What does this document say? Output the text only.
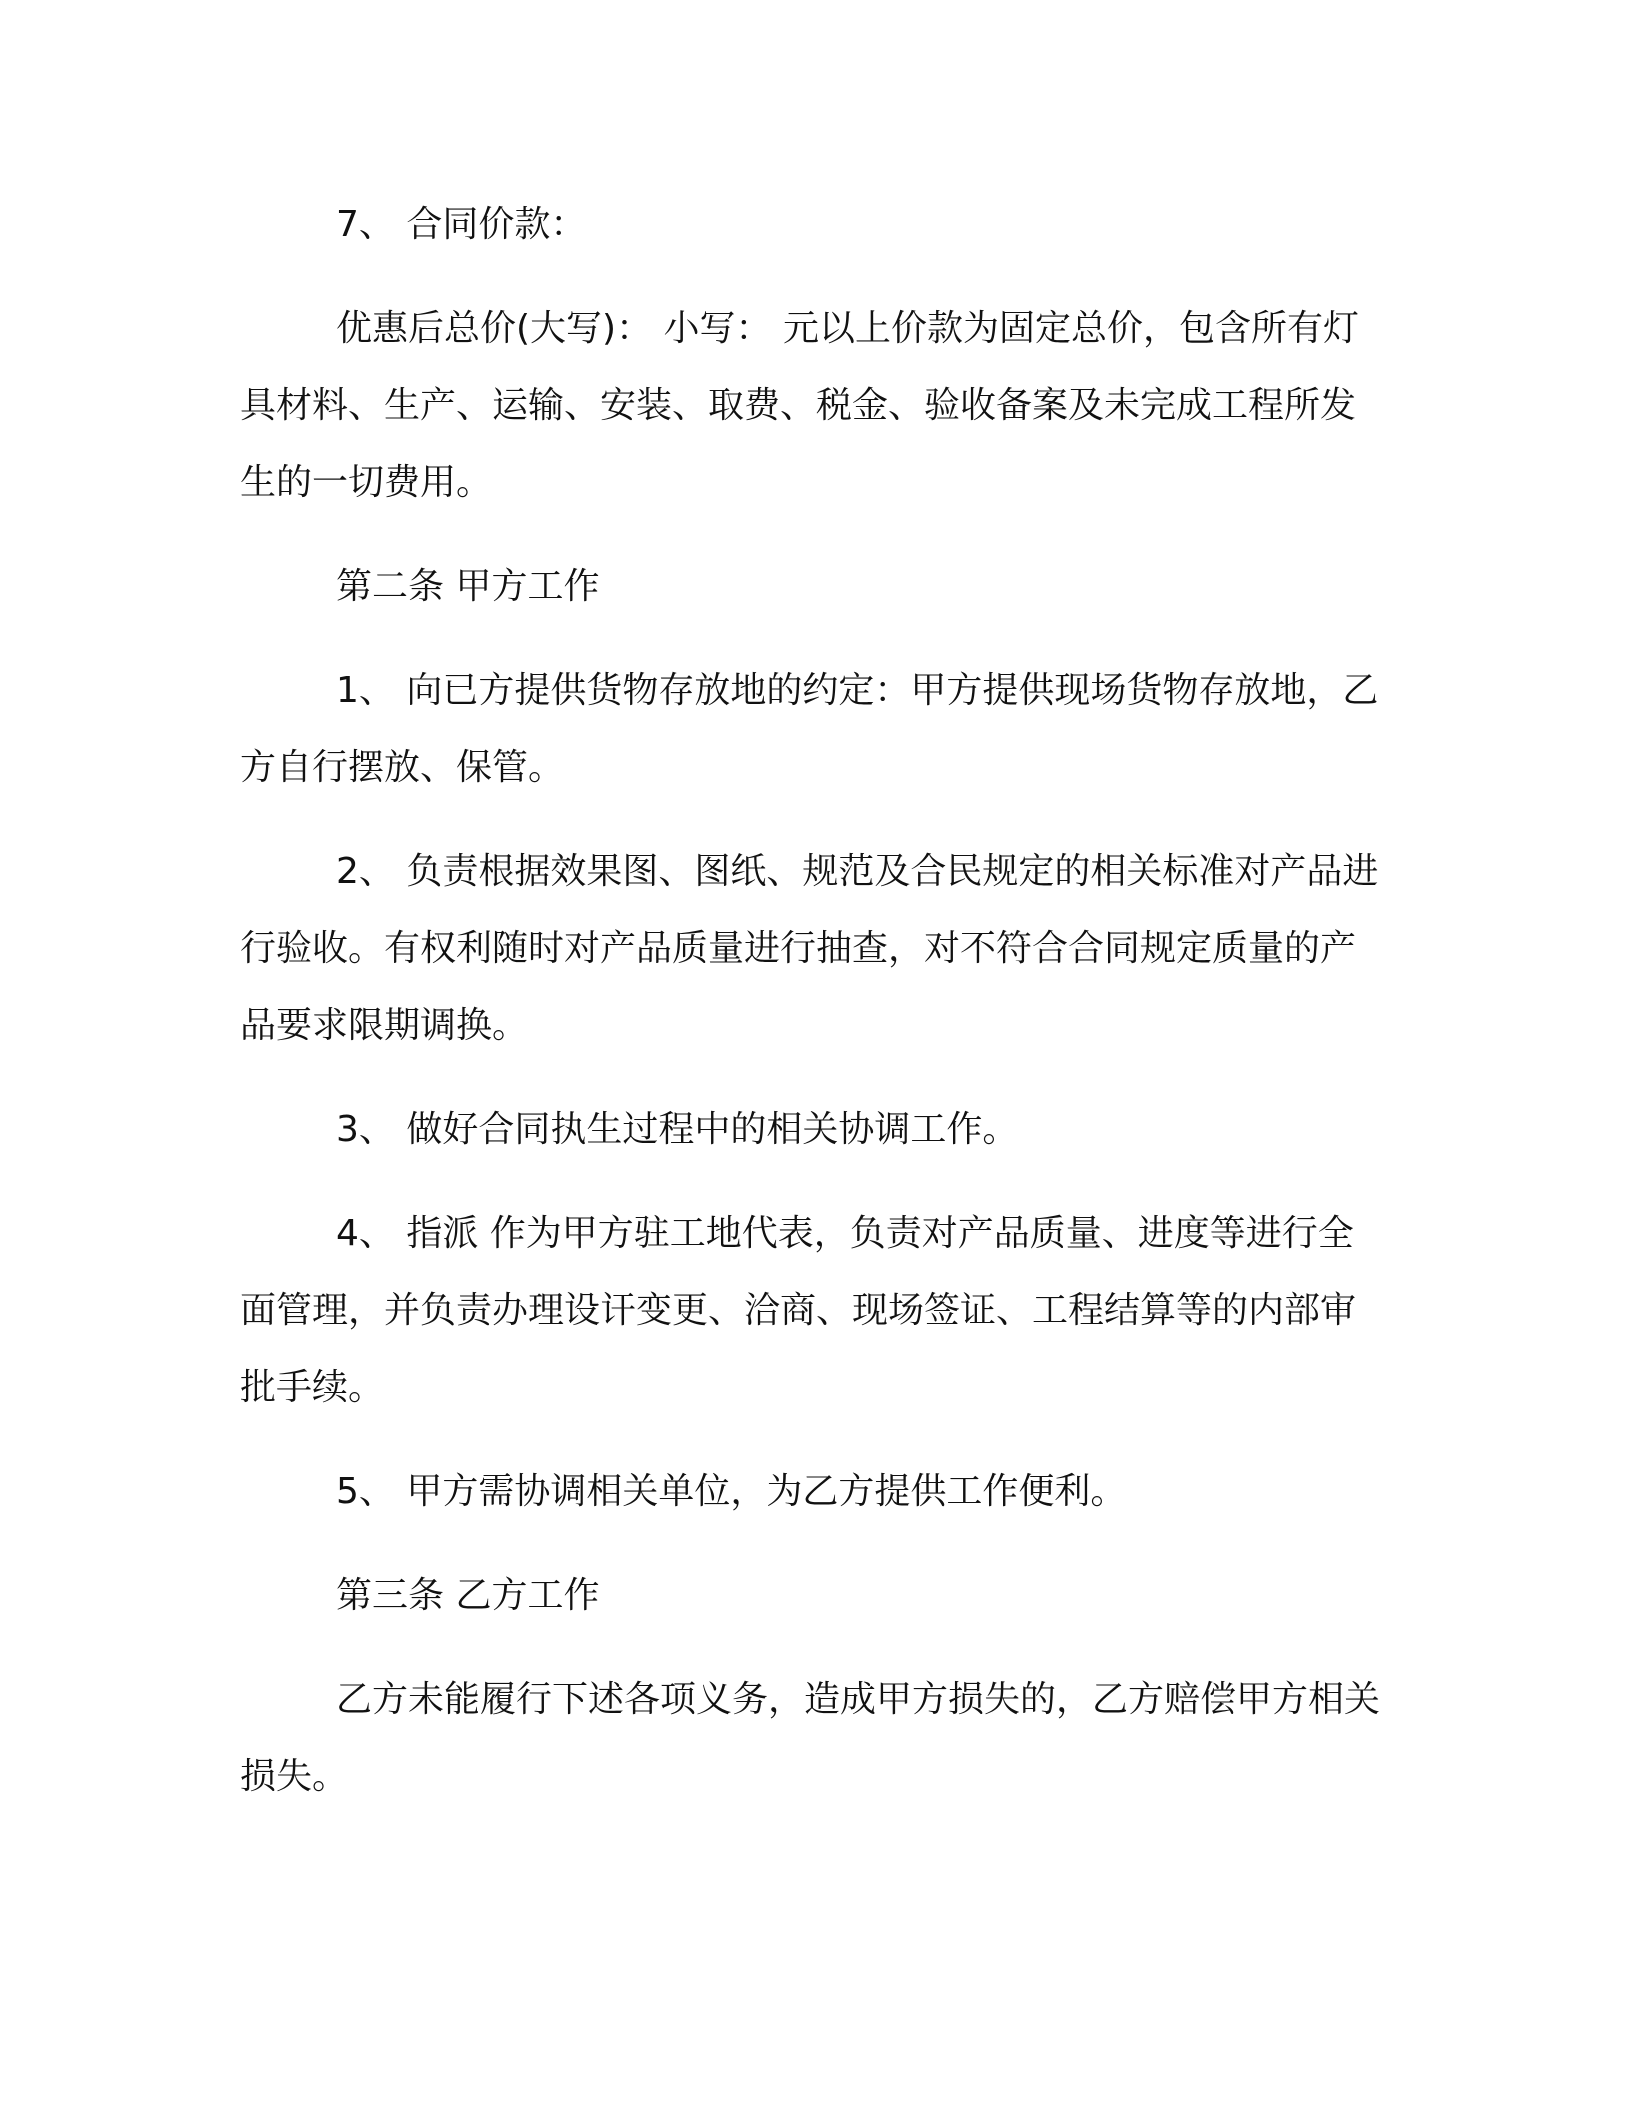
7、 合同价款：

优惠后总价(大写)： 小写： 元以上价款为固定总价，包含所有灯具材料、生产、运输、安装、取费、税金、验收备案及未完成工程所发生的一切费用。

第二条 甲方工作

1、 向已方提供货物存放地的约定：甲方提供现场货物存放地，乙方自行摆放、保管。

2、 负责根据效果图、图纸、规范及合民规定的相关标准对产品进行验收。有权利随时对产品质量进行抽查，对不符合合同规定质量的产品要求限期调换。

3、 做好合同执生过程中的相关协调工作。

4、 指派 作为甲方驻工地代表，负责对产品质量、进度等进行全面管理，并负责办理设讦变更、洽商、现场签证、工程结算等的内部审批手续。

5、 甲方需协调相关单位，为乙方提供工作便利。

第三条 乙方工作

乙方未能履行下述各项义务，造成甲方损失的，乙方赔偿甲方相关损失。
